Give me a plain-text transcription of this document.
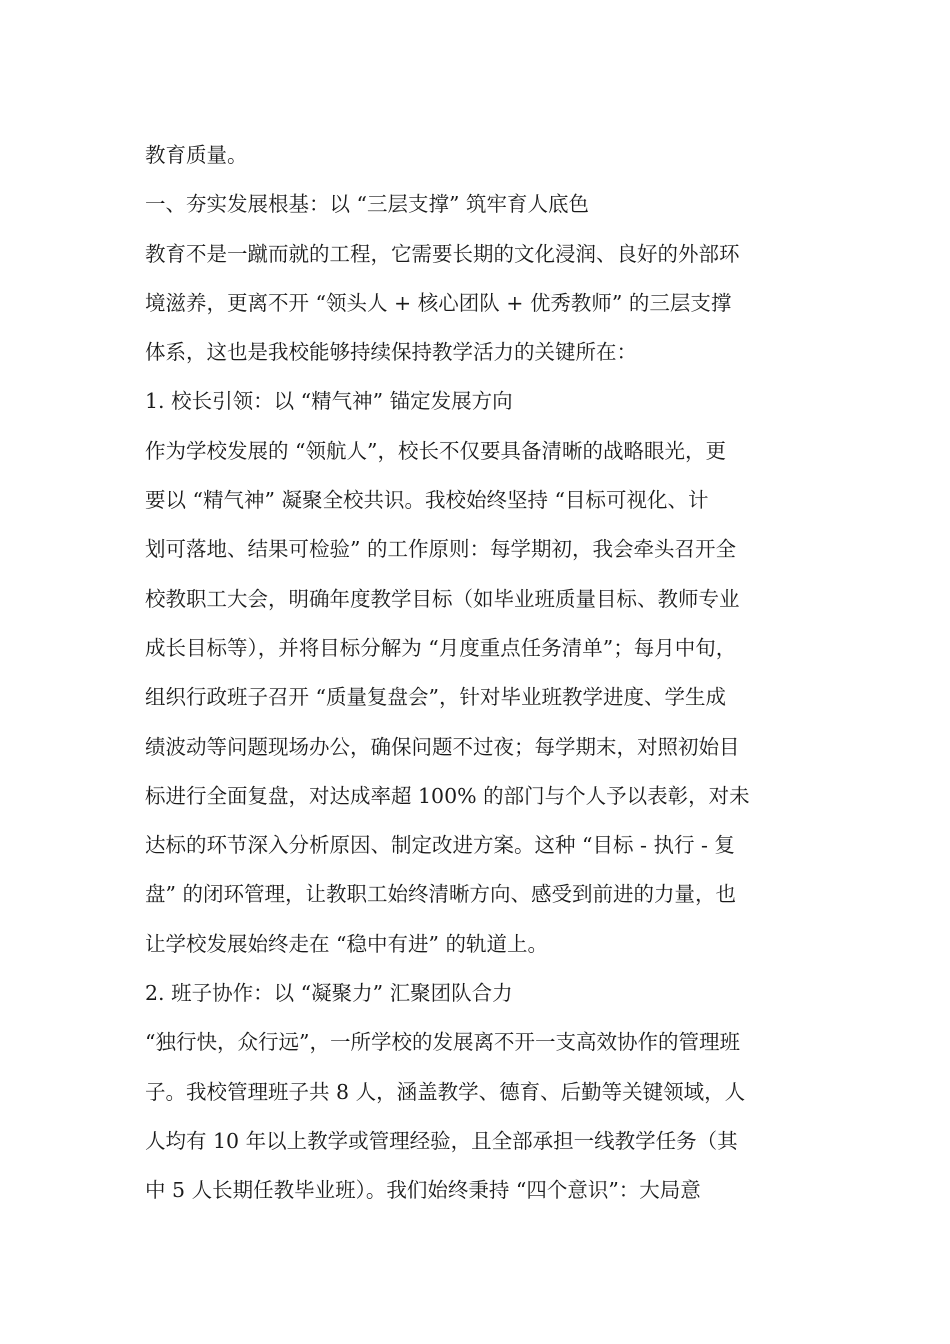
教育质量。
一、夯实发展根基：以 “三层支撑” 筑牢育人底色
教育不是一蹴而就的工程，它需要长期的文化浸润、良好的外部环
境滋养，更离不开 “领头人 + 核心团队 + 优秀教师” 的三层支撑
体系，这也是我校能够持续保持教学活力的关键所在：
1. 校长引领：以 “精气神” 锚定发展方向
作为学校发展的 “领航人”，校长不仅要具备清晰的战略眼光，更
要以 “精气神” 凝聚全校共识。我校始终坚持 “目标可视化、计
划可落地、结果可检验” 的工作原则：每学期初，我会牵头召开全
校教职工大会，明确年度教学目标（如毕业班质量目标、教师专业
成长目标等），并将目标分解为 “月度重点任务清单”；每月中旬，
组织行政班子召开 “质量复盘会”，针对毕业班教学进度、学生成
绩波动等问题现场办公，确保问题不过夜；每学期末，对照初始目
标进行全面复盘，对达成率超 100% 的部门与个人予以表彰，对未
达标的环节深入分析原因、制定改进方案。这种 “目标 - 执行 - 复
盘” 的闭环管理，让教职工始终清晰方向、感受到前进的力量，也
让学校发展始终走在 “稳中有进” 的轨道上。
2. 班子协作：以 “凝聚力” 汇聚团队合力
“独行快，众行远”，一所学校的发展离不开一支高效协作的管理班
子。我校管理班子共 8 人，涵盖教学、德育、后勤等关键领域，人
人均有 10 年以上教学或管理经验，且全部承担一线教学任务（其
中 5 人长期任教毕业班）。我们始终秉持 “四个意识”：大局意
